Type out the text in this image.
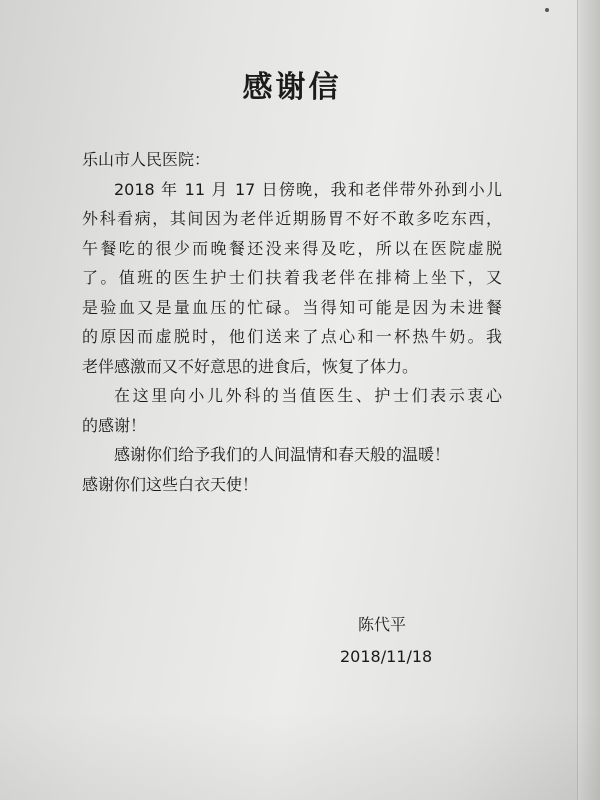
感谢信
乐山市人民医院：
2018 年 11 月 17 日傍晚，我和老伴带外孙到小儿
外科看病，其间因为老伴近期肠胃不好不敢多吃东西，
午餐吃的很少而晚餐还没来得及吃，所以在医院虚脱
了。值班的医生护士们扶着我老伴在排椅上坐下，又
是验血又是量血压的忙碌。当得知可能是因为未进餐
的原因而虚脱时，他们送来了点心和一杯热牛奶。我
老伴感激而又不好意思的进食后，恢复了体力。
在这里向小儿外科的当值医生、护士们表示衷心
的感谢！
感谢你们给予我们的人间温情和春天般的温暖！
感谢你们这些白衣天使！
陈代平
2018/11/18
